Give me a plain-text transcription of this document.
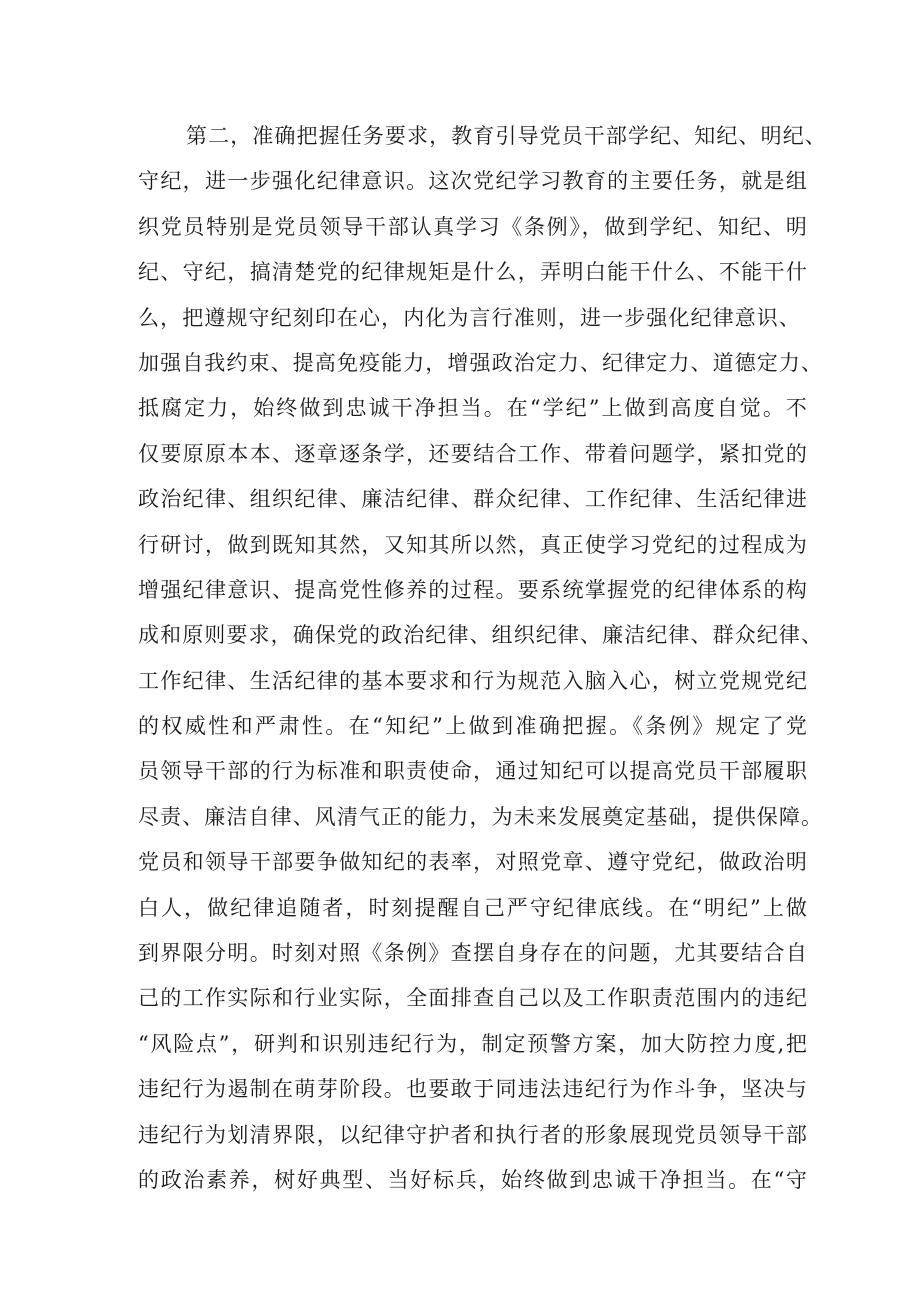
第二，准确把握任务要求，教育引导党员干部学纪、知纪、明纪、
守纪，进一步强化纪律意识。这次党纪学习教育的主要任务，就是组
织党员特别是党员领导干部认真学习《条例》，做到学纪、知纪、明
纪、守纪，搞清楚党的纪律规矩是什么，弄明白能干什么、不能干什
么，把遵规守纪刻印在心，内化为言行准则，进一步强化纪律意识、
加强自我约束、提高免疫能力，增强政治定力、纪律定力、道德定力、
抵腐定力，始终做到忠诚干净担当。在“学纪”上做到高度自觉。不
仅要原原本本、逐章逐条学，还要结合工作、带着问题学，紧扣党的
政治纪律、组织纪律、廉洁纪律、群众纪律、工作纪律、生活纪律进
行研讨，做到既知其然，又知其所以然，真正使学习党纪的过程成为
增强纪律意识、提高党性修养的过程。要系统掌握党的纪律体系的构
成和原则要求，确保党的政治纪律、组织纪律、廉洁纪律、群众纪律、
工作纪律、生活纪律的基本要求和行为规范入脑入心，树立党规党纪
的权威性和严肃性。在“知纪”上做到准确把握。《条例》规定了党
员领导干部的行为标准和职责使命，通过知纪可以提高党员干部履职
尽责、廉洁自律、风清气正的能力，为未来发展奠定基础，提供保障。
党员和领导干部要争做知纪的表率，对照党章、遵守党纪，做政治明
白人，做纪律追随者，时刻提醒自己严守纪律底线。在“明纪”上做
到界限分明。时刻对照《条例》查摆自身存在的问题，尤其要结合自
己的工作实际和行业实际，全面排查自己以及工作职责范围内的违纪
“风险点”，研判和识别违纪行为，制定预警方案，加大防控力度,把
违纪行为遏制在萌芽阶段。也要敢于同违法违纪行为作斗争，坚决与
违纪行为划清界限，以纪律守护者和执行者的形象展现党员领导干部
的政治素养，树好典型、当好标兵，始终做到忠诚干净担当。在“守
